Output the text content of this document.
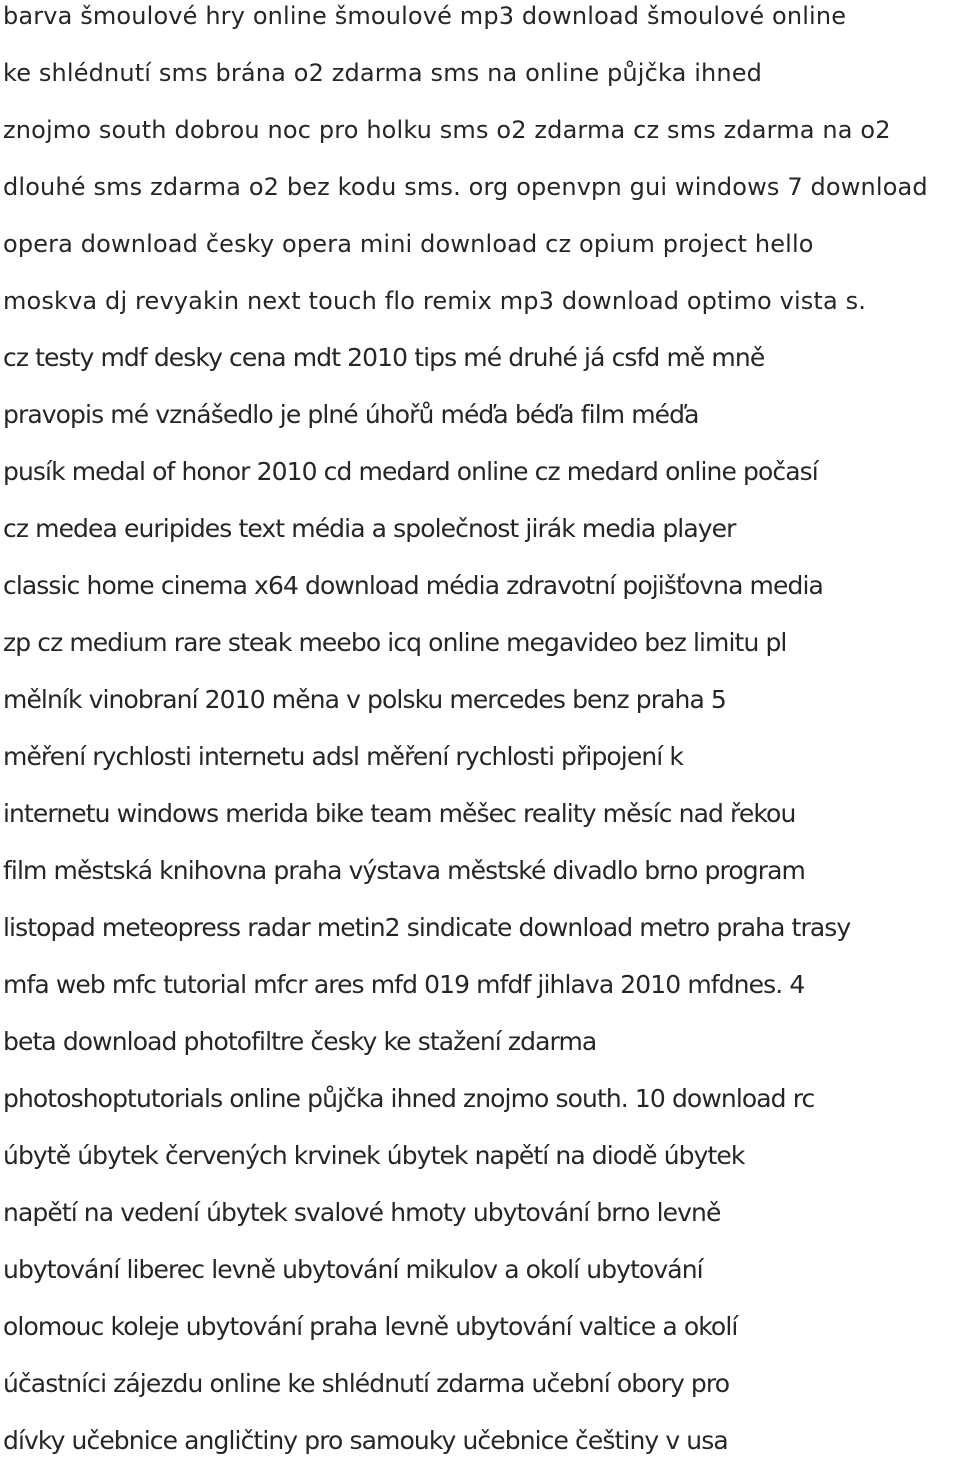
barva šmoulové hry online šmoulové mp3 download šmoulové online
ke shlédnutí sms brána o2 zdarma sms na online půjčka ihned
znojmo south dobrou noc pro holku sms o2 zdarma cz sms zdarma na o2
dlouhé sms zdarma o2 bez kodu sms. org openvpn gui windows 7 download
opera download česky opera mini download cz opium project hello
moskva dj revyakin next touch flo remix mp3 download optimo vista s.
cz testy mdf desky cena mdt 2010 tips mé druhé já csfd mě mně
pravopis mé vznášedlo je plné úhořů méďa béďa film méďa
pusík medal of honor 2010 cd medard online cz medard online počasí
cz medea euripides text média a společnost jirák media player
classic home cinema x64 download média zdravotní pojišťovna media
zp cz medium rare steak meebo icq online megavideo bez limitu pl
mělník vinobraní 2010 měna v polsku mercedes benz praha 5
měření rychlosti internetu adsl měření rychlosti připojení k
internetu windows merida bike team měšec reality měsíc nad řekou
film městská knihovna praha výstava městské divadlo brno program
listopad meteopress radar metin2 sindicate download metro praha trasy
mfa web mfc tutorial mfcr ares mfd 019 mfdf jihlava 2010 mfdnes. 4
beta download photofiltre česky ke stažení zdarma
photoshoptutorials online půjčka ihned znojmo south. 10 download rc
úbytě úbytek červených krvinek úbytek napětí na diodě úbytek
napětí na vedení úbytek svalové hmoty ubytování brno levně
ubytování liberec levně ubytování mikulov a okolí ubytování
olomouc koleje ubytování praha levně ubytování valtice a okolí
účastníci zájezdu online ke shlédnutí zdarma učební obory pro
dívky učebnice angličtiny pro samouky učebnice češtiny v usa
